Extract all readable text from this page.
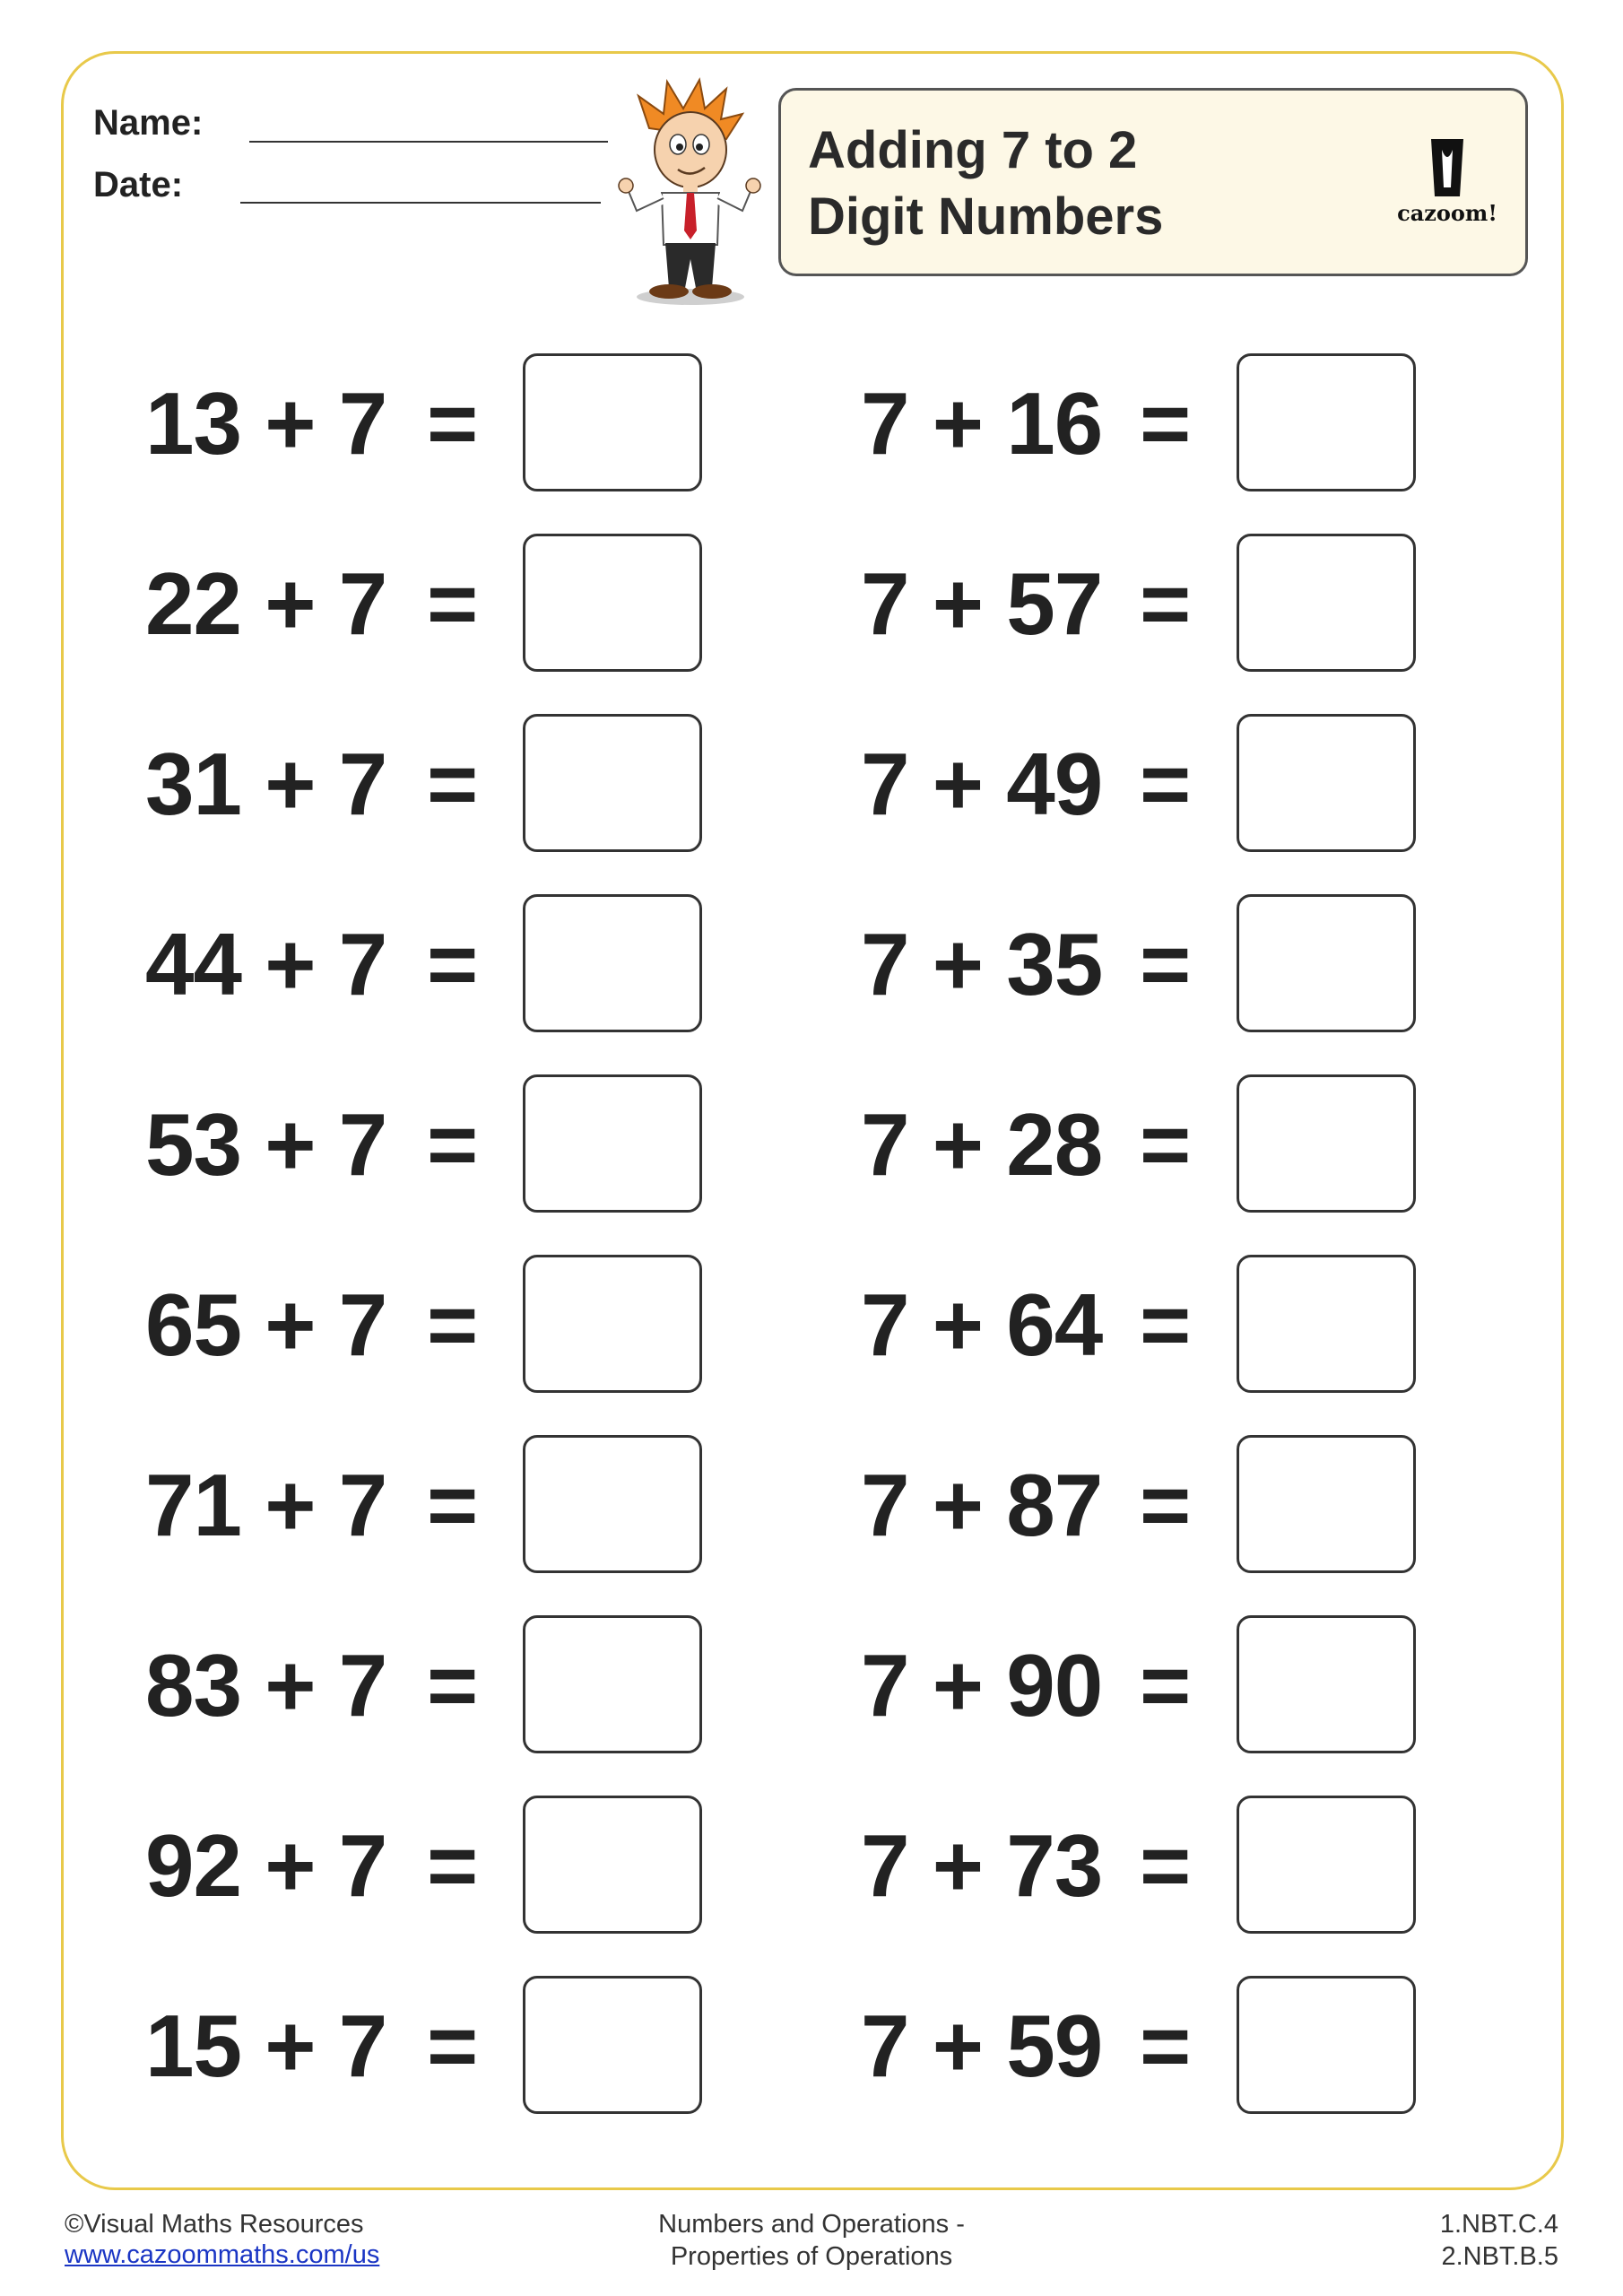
Name:
Date:
Adding 7 to 2
Digit Numbers	cazoom!
13 + 7 =
22 + 7 =
31 + 7 =
44 + 7 =
53 + 7 =
65 + 7 =
71 + 7 =
83 + 7 =
92 + 7 =
15 + 7 =
7 + 16 =
7 + 57 =
7 + 49 =
7 + 35 =
7 + 28 =
7 + 64 =
7 + 87 =
7 + 90 =
7 + 73 =
7 + 59 =
©Visual Maths Resources
www.cazoommaths.com/us
Numbers and Operations -
Properties of Operations
1.NBT.C.4
2.NBT.B.5
